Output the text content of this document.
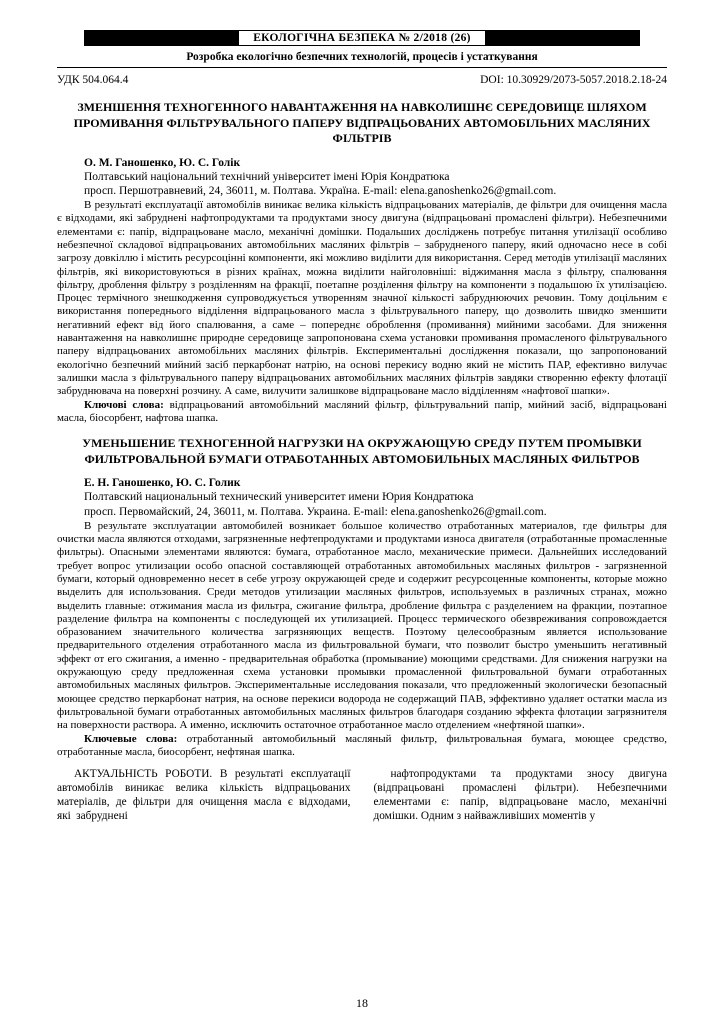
ЕКОЛОГІЧНА БЕЗПЕКА № 2/2018 (26)
Розробка екологічно безпечних технологій, процесів і устаткування
УДК 504.064.4	DOI: 10.30929/2073-5057.2018.2.18-24
ЗМЕНШЕННЯ ТЕХНОГЕННОГО НАВАНТАЖЕННЯ НА НАВКОЛИШНЄ СЕРЕДОВИЩЕ ШЛЯХОМ ПРОМИВАННЯ ФІЛЬТРУВАЛЬНОГО ПАПЕРУ ВІДПРАЦЬОВАНИХ АВТОМОБІЛЬНИХ МАСЛЯНИХ ФІЛЬТРІВ
О. М. Ганошенко, Ю. С. Голік
Полтавський національний технічний університет імені Юрія Кондратюка
просп. Першотравневий, 24, 36011, м. Полтава. Україна. E-mail: elena.ganoshenko26@gmail.com.

В результаті експлуатації автомобілів виникає велика кількість відпрацьованих матеріалів, де фільтри для очищення масла є відходами, які забруднені нафтопродуктами та продуктами зносу двигуна (відпрацьовані промаслені фільтри). Небезпечними елементами є: папір, відпрацьоване масло, механічні домішки. Подальших досліджень потребує питання утилізації особливо небезпечної складової відпрацьованих автомобільних масляних фільтрів – забрудненого паперу, який одночасно несе в собі загрозу довкіллю і містить ресурсоцінні компоненти, які можливо виділити для використання. Серед методів утилізації масляних фільтрів, які використовуються в різних країнах, можна виділити найголовніші: віджимання масла з фільтру, спалювання фільтру, дроблення фільтру з розділенням на фракції, поетапне розділення фільтру на компоненти з подальшою їх утилізацією. Процес термічного знешкодження супроводжується утворенням значної кількості забруднюючих речовин. Тому доцільним є використання попереднього відділення відпрацьованого масла з фільтрувального паперу, що дозволить швидко зменшити негативний ефект від його спалювання, а саме – попереднє оброблення (промивання) мийними засобами. Для зниження навантаження на навколишнє природне середовище запропонована схема установки промивання промасленого фільтрувального паперу відпрацьованих автомобільних масляних фільтрів. Експериментальні дослідження показали, що запропонований екологічно безпечний мийний засіб перкарбонат натрію, на основі перекису водню який не містить ПАР, ефективно вилучає залишки масла з фільтрувального паперу відпрацьованих автомобільних масляних фільтрів завдяки створенню ефекту флотації забруднювача на поверхні розчину. А саме, вилучити залишкове відпрацьоване масло відділенням «нафтової шапки».

Ключові слова: відпрацьований автомобільний масляний фільтр, фільтрувальний папір, мийний засіб, відпрацьовані масла, біосорбент, нафтова шапка.

УМЕНЬШЕНИЕ ТЕХНОГЕННОЙ НАГРУЗКИ НА ОКРУЖАЮЩУЮ СРЕДУ ПУТЕМ ПРОМЫВКИ ФИЛЬТРОВАЛЬНОЙ БУМАГИ ОТРАБОТАННЫХ АВТОМОБИЛЬНЫХ МАСЛЯНЫХ ФИЛЬТРОВ
Е. Н. Ганошенко, Ю. С. Голик
Полтавский национальный технический университет имени Юрия Кондратюка
просп. Первомайский, 24, 36011, м. Полтава. Украина. E-mail: elena.ganoshenko26@gmail.com.

В результате эксплуатации автомобилей возникает большое количество отработанных материалов, где фильтры для очистки масла являются отходами, загрязненные нефтепродуктами и продуктами износа двигателя (отработанные промасленные фильтры). Опасными элементами являются: бумага, отработанное масло, механические примеси. Дальнейших исследований требует вопрос утилизации особо опасной составляющей отработанных автомобильных масляных фильтров - загрязненной бумаги, который одновременно несет в себе угрозу окружающей среде и содержит ресурсоценные компоненты, которые можно выделить для использования. Среди методов утилизации масляных фильтров, используемых в различных странах, можно выделить главные: отжимания масла из фильтра, сжигание фильтра, дробление фильтра с разделением на фракции, поэтапное разделение фильтра на компоненты с последующей их утилизацией. Процесс термического обезвреживания сопровождается образованием значительного количества загрязняющих веществ. Поэтому целесообразным является использование предварительного отделения отработанного масла из фильтровальной бумаги, что позволит быстро уменьшить негативный эффект от его сжигания, а именно - предварительная обработка (промывание) моющими средствами. Для снижения нагрузки на окружающую среду предложенная схема установки промывки промасленной фильтровальной бумаги отработанных автомобильных масляных фильтров. Экспериментальные исследования показали, что предложенный экологически безопасный моющее средство перкарбонат натрия, на основе перекиси водорода не содержащий ПАВ, эффективно удаляет остатки масла из фильтровальной бумаги отработанных автомобильных масляных фильтров благодаря созданию эффекта флотации загрязнителя на поверхности раствора. А именно, исключить остаточное отработанное масло отделением «нефтяной шапки».

Ключевые слова: отработанный автомобильный масляный фильтр, фильтровальная бумага, моющее средство, отработанные масла, биосорбент, нефтяная шапка.

АКТУАЛЬНІСТЬ РОБОТИ. В результаті експлуатації автомобілів виникає велика кількість відпрацьованих матеріалів, де фільтри для очищення масла є відходами, які забруднені

нафтопродуктами та продуктами зносу двигуна (відпрацьовані промаслені фільтри). Небезпечними елементами є: папір, відпрацьоване масло, механічні домішки. Одним з найважливіших моментів у

18
